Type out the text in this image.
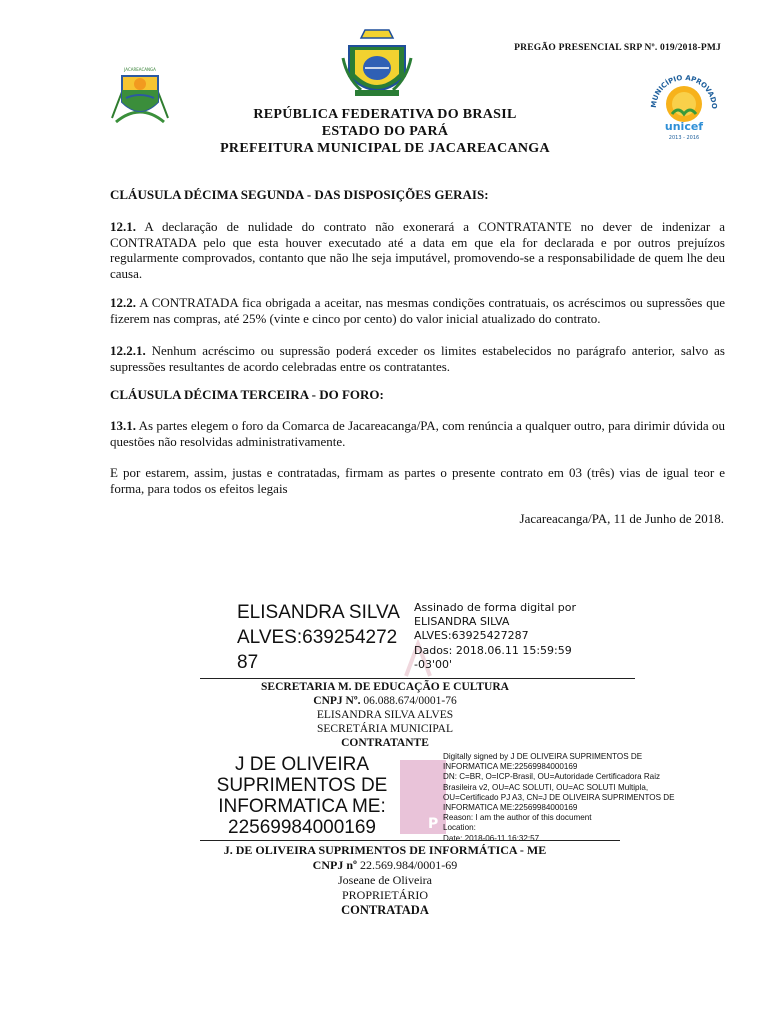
PREGÃO PRESENCIAL SRP Nº. 019/2018-PMJ
JACAREACANGA
MUNICÍPIO APROVADO
unicef
2013 - 2016
REPÚBLICA FEDERATIVA DO BRASIL
ESTADO DO PARÁ
PREFEITURA MUNICIPAL DE JACAREACANGA
CLÁUSULA DÉCIMA SEGUNDA - DAS DISPOSIÇÕES GERAIS:
12.1. A declaração de nulidade do contrato não exonerará a CONTRATANTE no dever de indenizar a CONTRATADA pelo que esta houver executado até a data em que ela for declarada e por outros prejuízos regularmente comprovados, contanto que não lhe seja imputável, promovendo-se a responsabilidade de quem lhe deu causa.
12.2. A CONTRATADA fica obrigada a aceitar, nas mesmas condições contratuais, os acréscimos ou supressões que fizerem nas compras, até 25% (vinte e cinco por cento) do valor inicial atualizado do contrato.
12.2.1. Nenhum acréscimo ou supressão poderá exceder os limites estabelecidos no parágrafo anterior, salvo as supressões resultantes de acordo celebradas entre os contratantes.
CLÁUSULA DÉCIMA TERCEIRA - DO FORO:
13.1. As partes elegem o foro da Comarca de Jacareacanga/PA, com renúncia a qualquer outro, para dirimir dúvida ou questões não resolvidas administrativamente.
E por estarem, assim, justas e contratadas, firmam as partes o presente contrato em 03 (três) vias de igual teor e forma, para todos os efeitos legais
Jacareacanga/PA, 11 de Junho de 2018.
ELISANDRA SILVA
ALVES:639254272
87
Assinado de forma digital por
ELISANDRA SILVA
ALVES:63925427287
Dados: 2018.06.11 15:59:59
-03'00'
SECRETARIA M. DE EDUCAÇÃO E CULTURA
CNPJ Nº. 06.088.674/0001-76
ELISANDRA SILVA ALVES
SECRETÁRIA MUNICIPAL
CONTRATANTE
P
J DE OLIVEIRA
SUPRIMENTOS DE
INFORMATICA ME:
22569984000169
Digitally signed by J DE OLIVEIRA SUPRIMENTOS DE
INFORMATICA ME:22569984000169
DN: C=BR, O=ICP-Brasil, OU=Autoridade Certificadora Raiz
Brasileira v2, OU=AC SOLUTI, OU=AC SOLUTI Multipla,
OU=Certificado PJ A3, CN=J DE OLIVEIRA SUPRIMENTOS DE
INFORMATICA ME:22569984000169
Reason: I am the author of this document
Location:
Date: 2018-06-11 16:32:57
J. DE OLIVEIRA SUPRIMENTOS DE INFORMÁTICA - ME
CNPJ nº 22.569.984/0001-69
Joseane de Oliveira
PROPRIETÁRIO
CONTRATADA
